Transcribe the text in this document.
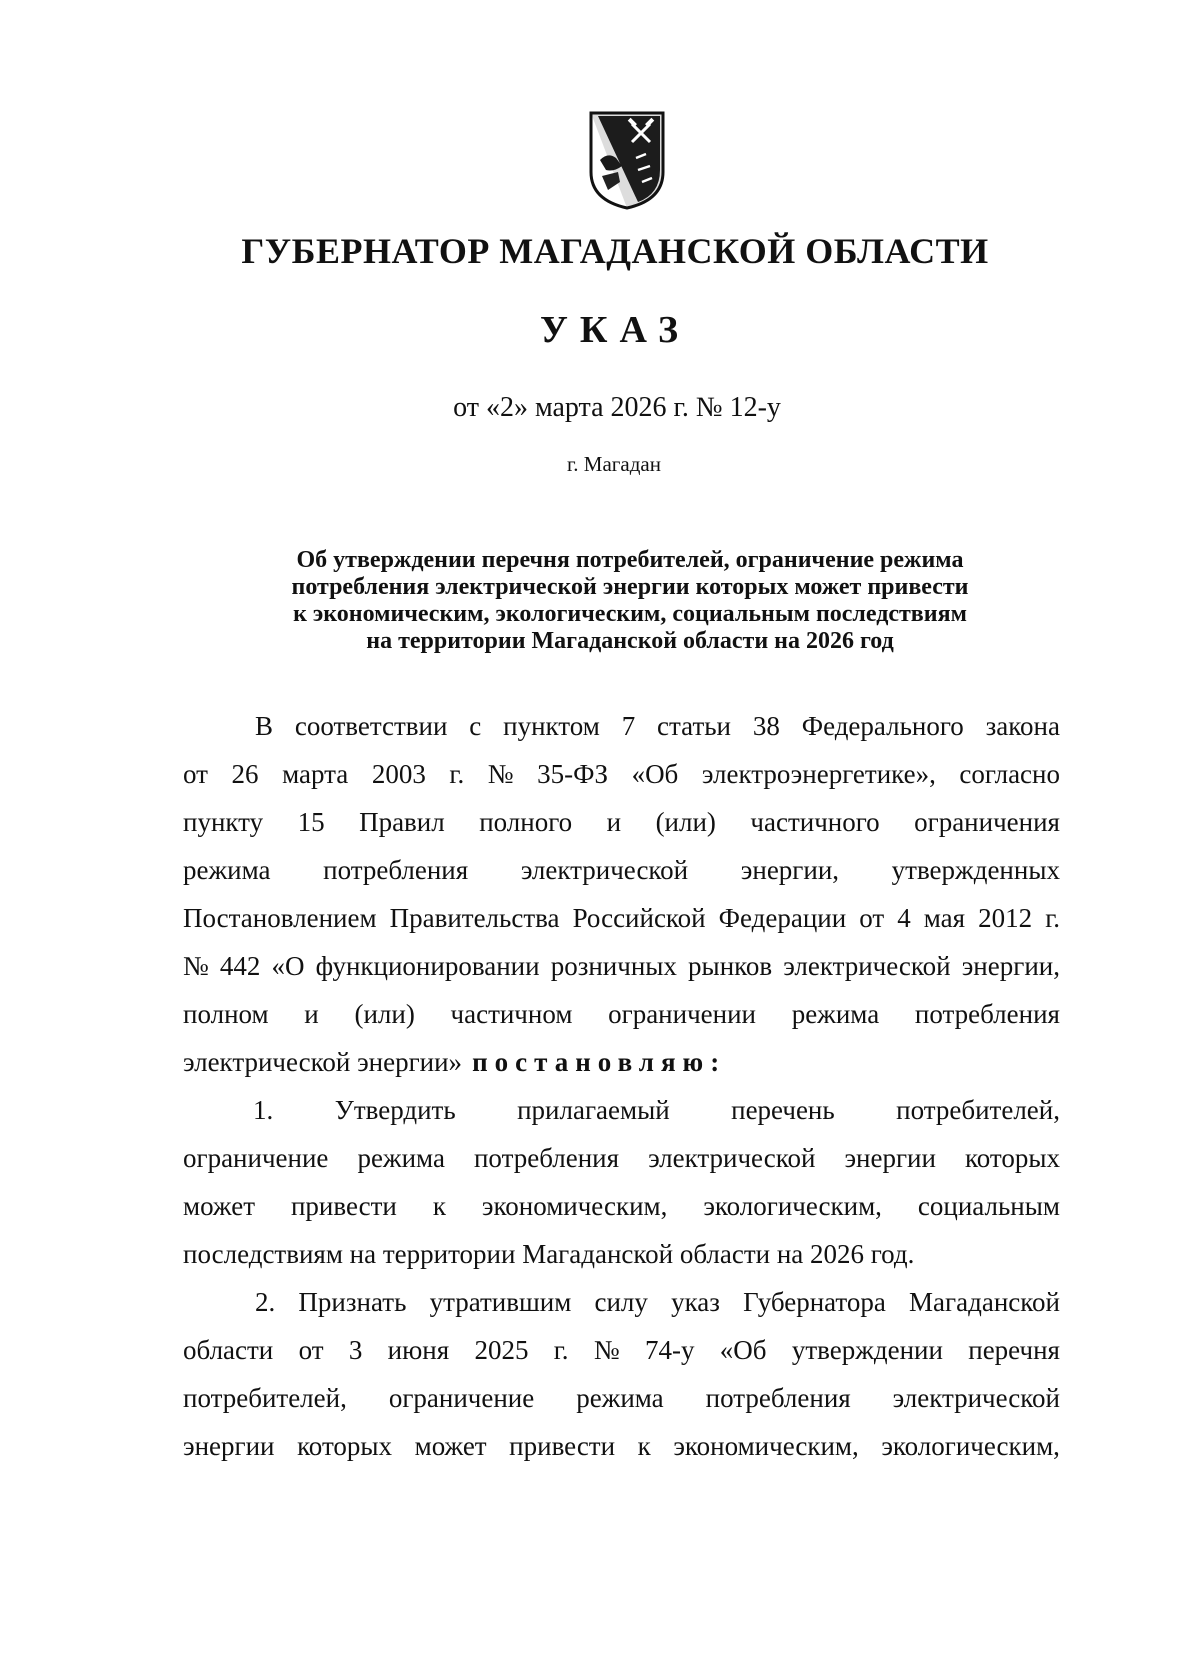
ГУБЕРНАТОР МАГАДАНСКОЙ ОБЛАСТИ
УКАЗ
от «2» марта 2026 г. № 12-у
г. Магадан
Об утверждении перечня потребителей, ограничение режима
потребления электрической энергии которых может привести
к экономическим, экологическим, социальным последствиям
на территории Магаданской области на 2026 год
В соответствии с пунктом 7 статьи 38 Федерального закона
от 26 марта 2003 г. № 35-ФЗ «Об электроэнергетике», согласно
пункту 15 Правил полного и (или) частичного ограничения
режима потребления электрической энергии, утвержденных
Постановлением Правительства Российской Федерации от 4 мая 2012 г.
№ 442 «О функционировании розничных рынков электрической энергии,
полном и (или) частичном ограничении режима потребления
электрической энергии» постановляю :
1. Утвердить прилагаемый перечень потребителей,
ограничение режима потребления электрической энергии которых
может привести к экономическим, экологическим, социальным
последствиям на территории Магаданской области на 2026 год.
2. Признать утратившим силу указ Губернатора Магаданской
области от 3 июня 2025 г. № 74-у «Об утверждении перечня
потребителей, ограничение режима потребления электрической
энергии которых может привести к экономическим, экологическим,
